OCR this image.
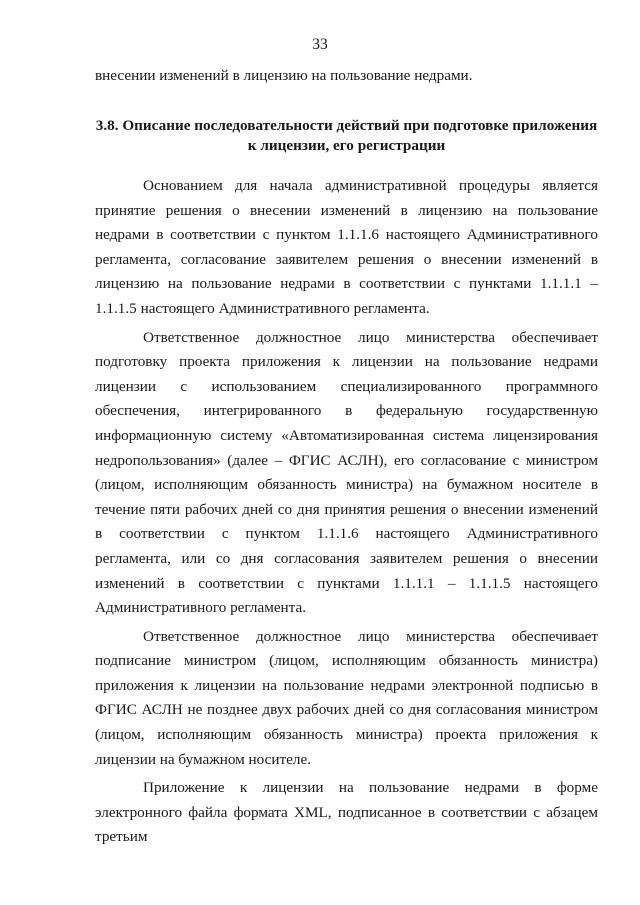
33
внесении изменений в лицензию на пользование недрами.
3.8. Описание последовательности действий при подготовке приложения к лицензии, его регистрации

Основанием для начала административной процедуры является принятие решения о внесении изменений в лицензию на пользование недрами в соответствии с пунктом 1.1.1.6 настоящего Административного регламента, согласование заявителем решения о внесении изменений в лицензию на пользование недрами в соответствии с пунктами 1.1.1.1 – 1.1.1.5 настоящего Административного регламента.

Ответственное должностное лицо министерства обеспечивает подготовку проекта приложения к лицензии на пользование недрами лицензии с использованием специализированного программного обеспечения, интегрированного в федеральную государственную информационную систему «Автоматизированная система лицензирования недропользования» (далее – ФГИС АСЛН), его согласование с министром (лицом, исполняющим обязанность министра) на бумажном носителе в течение пяти рабочих дней со дня принятия решения о внесении изменений в соответствии с пунктом 1.1.1.6 настоящего Административного регламента, или со дня согласования заявителем решения о внесении изменений в соответствии с пунктами 1.1.1.1 – 1.1.1.5 настоящего Административного регламента.

Ответственное должностное лицо министерства обеспечивает подписание министром (лицом, исполняющим обязанность министра) приложения к лицензии на пользование недрами электронной подписью в ФГИС АСЛН не позднее двух рабочих дней со дня согласования министром (лицом, исполняющим обязанность министра) проекта приложения к лицензии на бумажном носителе.

Приложение к лицензии на пользование недрами в форме электронного файла формата XML, подписанное в соответствии с абзацем третьим
